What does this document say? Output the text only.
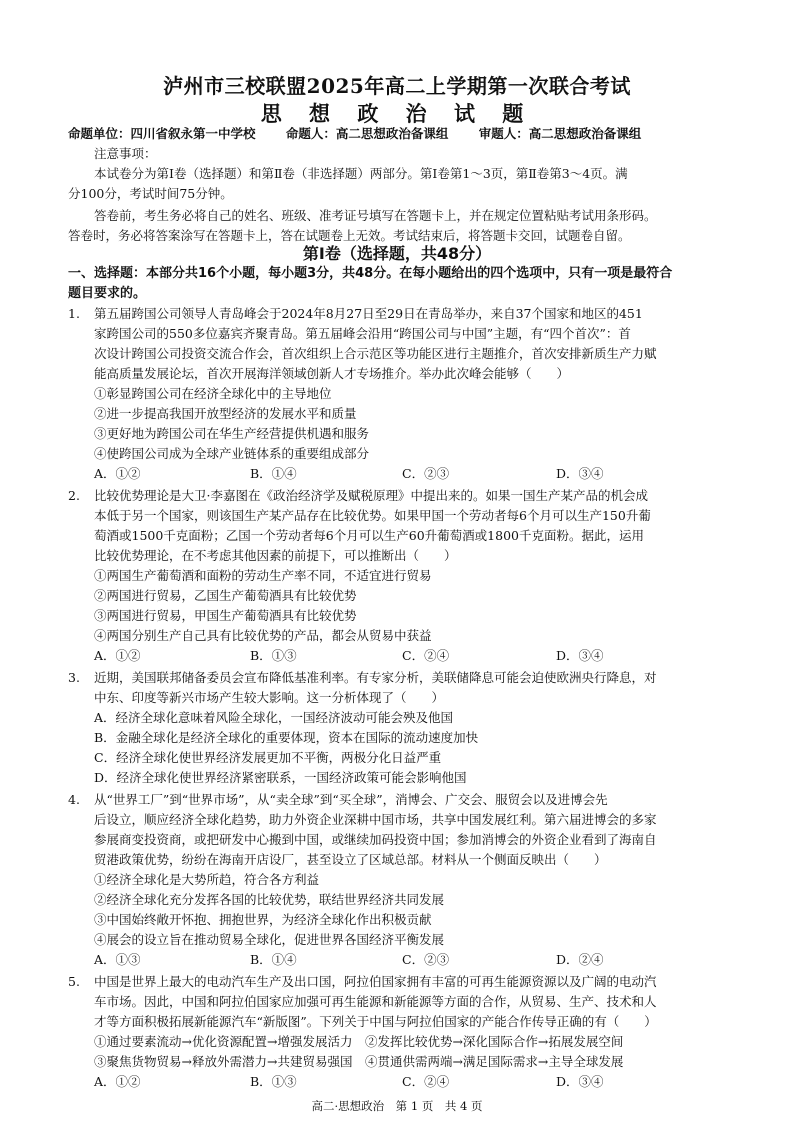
泸州市三校联盟2025年高二上学期第一次联合考试
思 想 政 治 试 题
命题单位：四川省叙永第一中学校 命题人：高二思想政治备课组 审题人：高二思想政治备课组
注意事项：
本试卷分为第Ⅰ卷（选择题）和第Ⅱ卷（非选择题）两部分。第Ⅰ卷第1～3页，第Ⅱ卷第3～4页。满
分100分，考试时间75分钟。
答卷前，考生务必将自己的姓名、班级、准考证号填写在答题卡上，并在规定位置粘贴考试用条形码。
答卷时，务必将答案涂写在答题卡上，答在试题卷上无效。考试结束后，将答题卡交回，试题卷自留。
第Ⅰ卷（选择题，共48分）
一、选择题：本部分共16个小题，每小题3分，共48分。在每小题给出的四个选项中，只有一项是最符合
题目要求的。
1. 第五届跨国公司领导人青岛峰会于2024年8月27日至29日在青岛举办，来自37个国家和地区的451
家跨国公司的550多位嘉宾齐聚青岛。第五届峰会沿用“跨国公司与中国”主题，有“四个首次”：首
次设计跨国公司投资交流合作会，首次组织上合示范区等功能区进行主题推介，首次安排新质生产力赋
能高质量发展论坛，首次开展海洋领域创新人才专场推介。举办此次峰会能够（　　）
①彰显跨国公司在经济全球化中的主导地位
②进一步提高我国开放型经济的发展水平和质量
③更好地为跨国公司在华生产经营提供机遇和服务
④使跨国公司成为全球产业链体系的重要组成部分
A．①②	B．①④	C．②③	D．③④
2. 比较优势理论是大卫·李嘉图在《政治经济学及赋税原理》中提出来的。如果一国生产某产品的机会成
本低于另一个国家，则该国生产某产品存在比较优势。如果甲国一个劳动者每6个月可以生产150升葡
萄酒或1500千克面粉；乙国一个劳动者每6个月可以生产60升葡萄酒或1800千克面粉。据此，运用
比较优势理论，在不考虑其他因素的前提下，可以推断出（　　）
①两国生产葡萄酒和面粉的劳动生产率不同，不适宜进行贸易
②两国进行贸易，乙国生产葡萄酒具有比较优势
③两国进行贸易，甲国生产葡萄酒具有比较优势
④两国分别生产自己具有比较优势的产品，都会从贸易中获益
A．①②	B．①③	C．②④	D．③④
3. 近期，美国联邦储备委员会宣布降低基准利率。有专家分析，美联储降息可能会迫使欧洲央行降息，对
中东、印度等新兴市场产生较大影响。这一分析体现了（　　）
A．经济全球化意味着风险全球化，一国经济波动可能会殃及他国
B．金融全球化是经济全球化的重要体现，资本在国际的流动速度加快
C．经济全球化使世界经济发展更加不平衡，两极分化日益严重
D．经济全球化使世界经济紧密联系，一国经济政策可能会影响他国
4. 从“世界工厂”到“世界市场”，从“卖全球”到“买全球”，消博会、广交会、服贸会以及进博会先
后设立，顺应经济全球化趋势，助力外资企业深耕中国市场，共享中国发展红利。第六届进博会的多家
参展商变投资商，或把研发中心搬到中国，或继续加码投资中国；参加消博会的外资企业看到了海南自
贸港政策优势，纷纷在海南开店设厂，甚至设立了区域总部。材料从一个侧面反映出（　　）
①经济全球化是大势所趋，符合各方利益
②经济全球化充分发挥各国的比较优势，联结世界经济共同发展
③中国始终敞开怀抱、拥抱世界，为经济全球化作出积极贡献
④展会的设立旨在推动贸易全球化，促进世界各国经济平衡发展
A．①③	B．①④	C．②③	D．②④
5. 中国是世界上最大的电动汽车生产及出口国，阿拉伯国家拥有丰富的可再生能源资源以及广阔的电动汽
车市场。因此，中国和阿拉伯国家应加强可再生能源和新能源等方面的合作，从贸易、生产、技术和人
才等方面积极拓展新能源汽车“新版图”。下列关于中国与阿拉伯国家的产能合作传导正确的有（　　）
①通过要素流动→优化资源配置→增强发展活力　②发挥比较优势→深化国际合作→拓展发展空间
③聚焦货物贸易→释放外需潜力→共建贸易强国　④贯通供需两端→满足国际需求→主导全球发展
A．①②	B．①③	C．②④	D．③④
高二·思想政治　第 1 页　共 4 页
